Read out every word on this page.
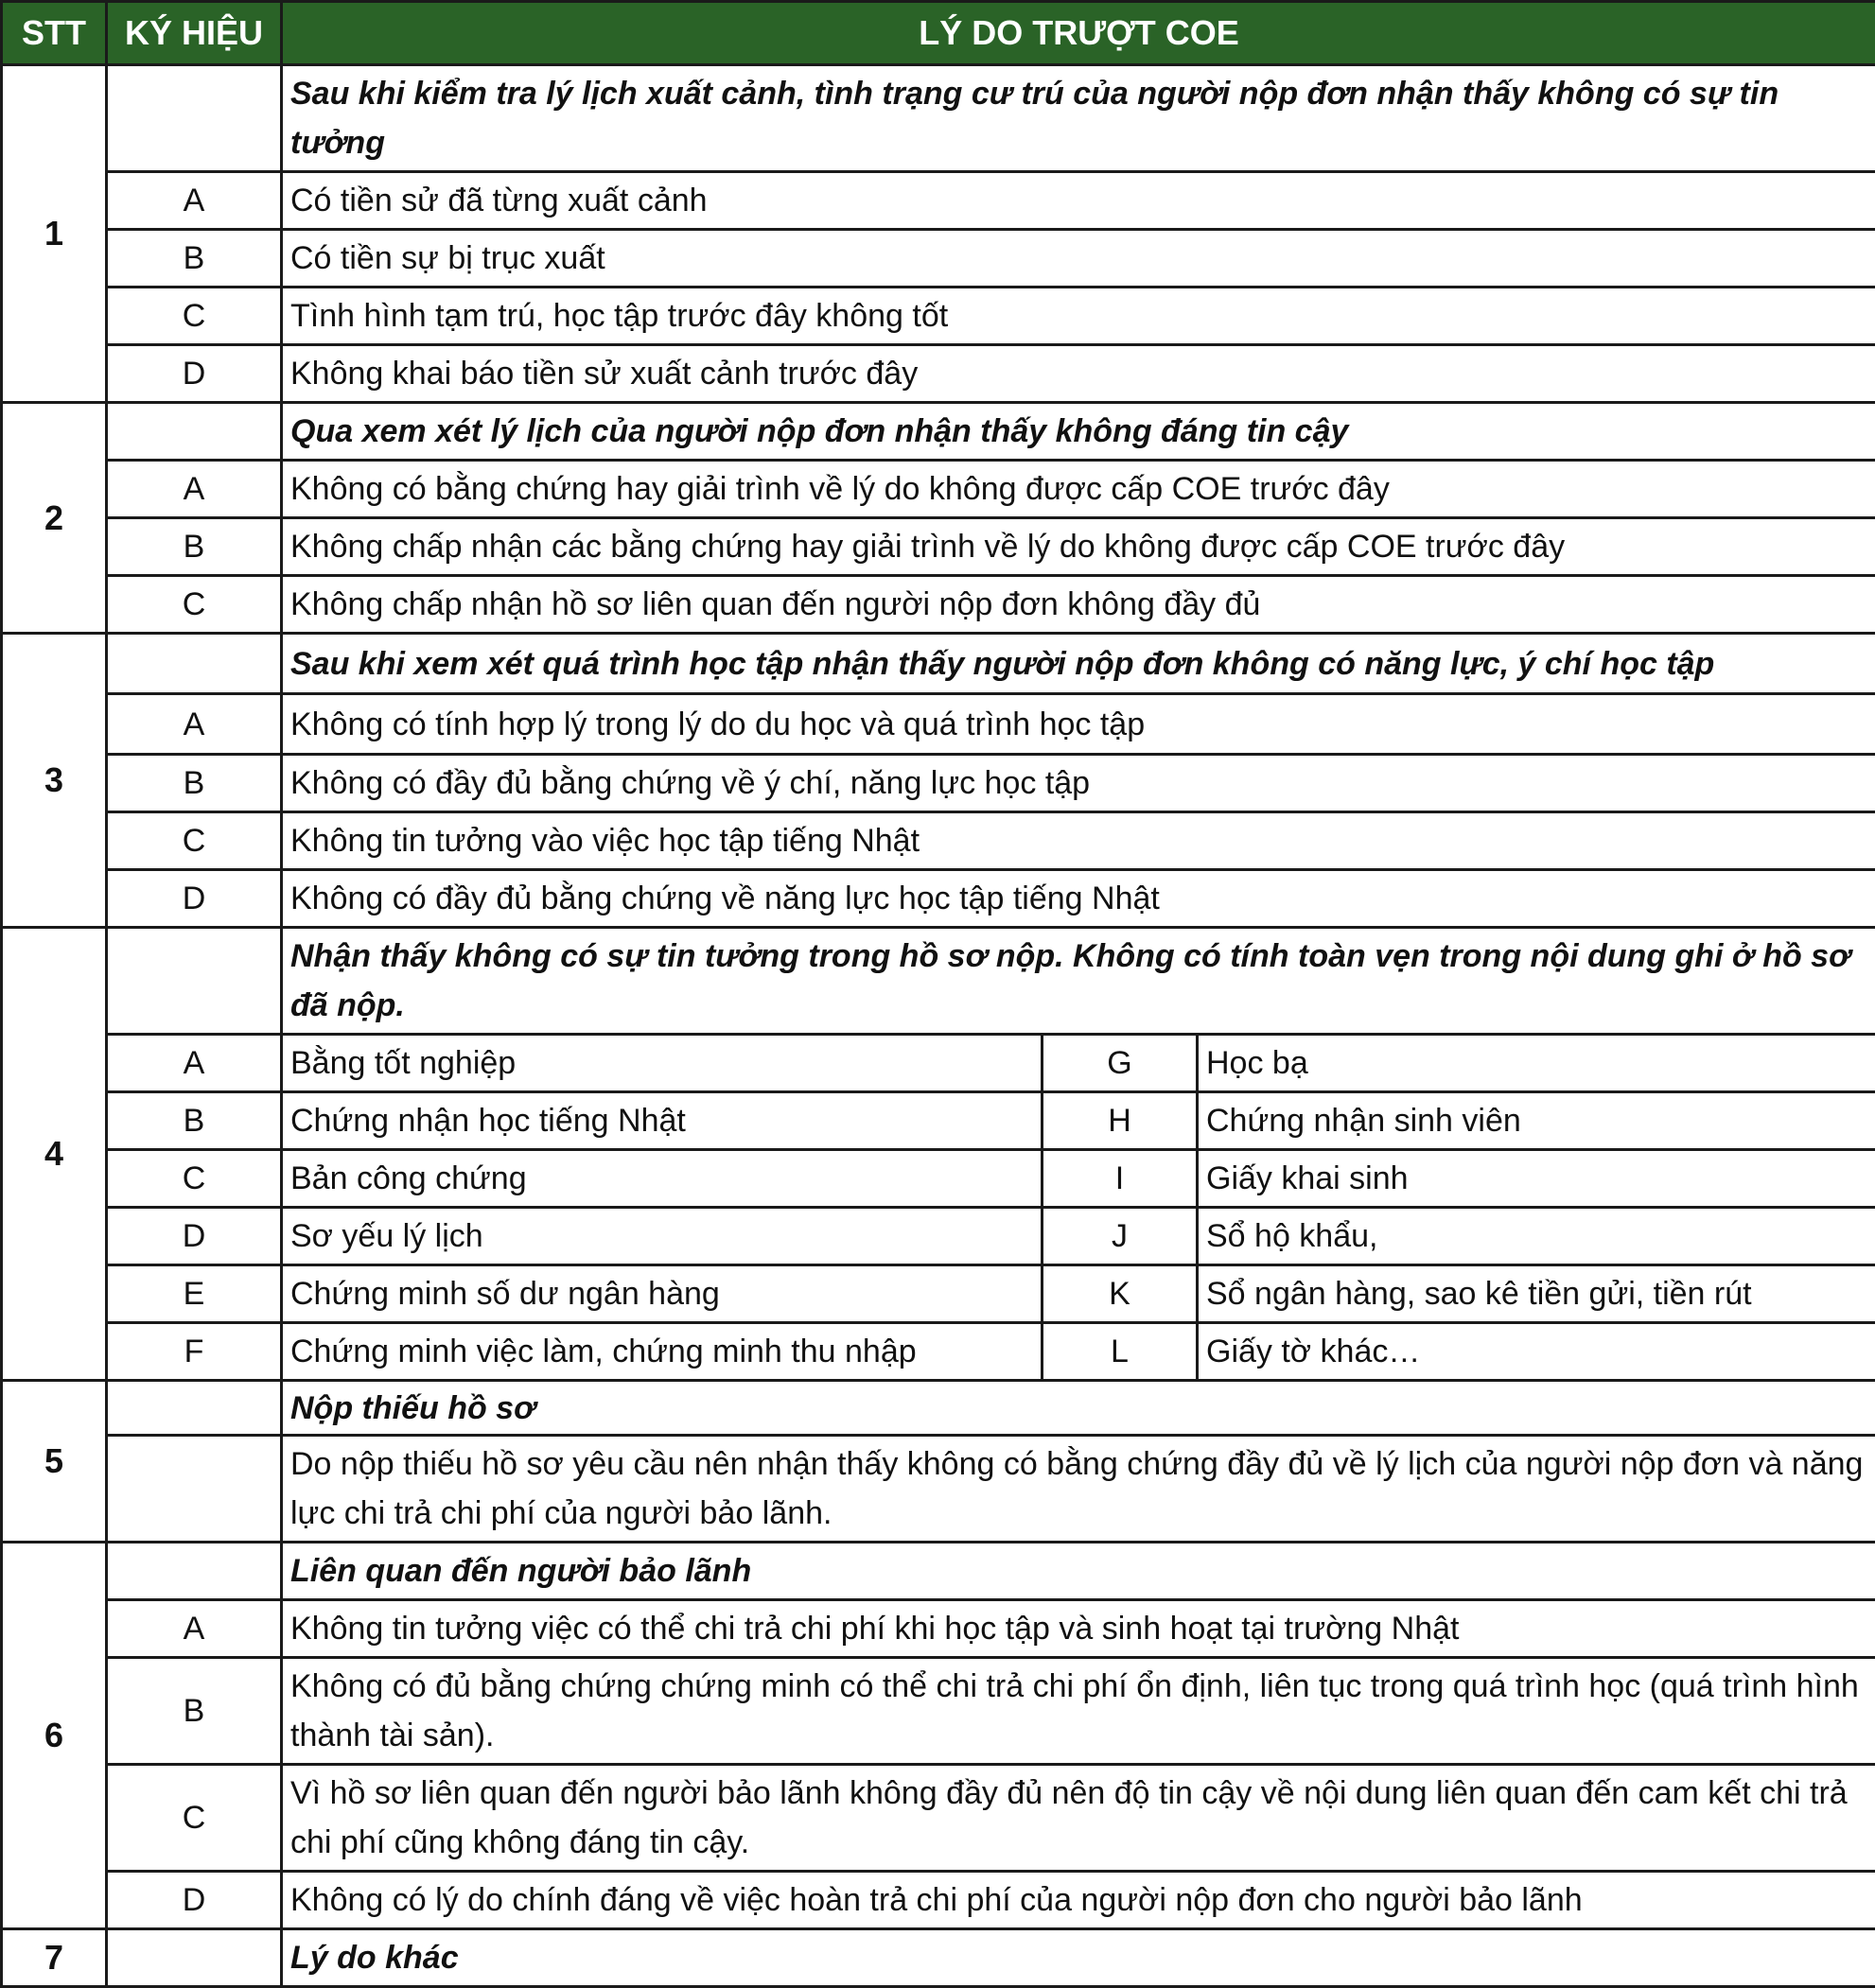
STT	KÝ HIỆU	LÝ DO TRƯỢT COE		
1		Sau khi kiểm tra lý lịch xuất cảnh, tình trạng cư trú của người nộp đơn nhận thấy không có sự tin tưởng		
	A	Có tiền sử đã từng xuất cảnh		
	B	Có tiền sự bị trục xuất		
	C	Tình hình tạm trú, học tập trước đây không tốt		
	D	Không khai báo tiền sử xuất cảnh trước đây		
2		Qua xem xét lý lịch của người nộp đơn nhận thấy không đáng tin cậy		
	A	Không có bằng chứng hay giải trình về lý do không được cấp COE trước đây		
	B	Không chấp nhận các bằng chứng hay giải trình về lý do không được cấp COE trước đây		
	C	Không chấp nhận hồ sơ liên quan đến người nộp đơn không đầy đủ		
3		Sau khi xem xét quá trình học tập nhận thấy người nộp đơn không có năng lực, ý chí học tập		
	A	Không có tính hợp lý trong lý do du học và quá trình học tập		
	B	Không có đầy đủ bằng chứng về ý chí, năng lực học tập		
	C	Không tin tưởng vào việc học tập tiếng Nhật		
	D	Không có đầy đủ bằng chứng về năng lực học tập tiếng Nhật		
4		Nhận thấy không có sự tin tưởng trong hồ sơ nộp. Không có tính toàn vẹn trong nội dung ghi ở hồ sơ đã nộp.		
	A	Bằng tốt nghiệp	G	Học bạ
	B	Chứng nhận học tiếng Nhật	H	Chứng nhận sinh viên
	C	Bản công chứng	I	Giấy khai sinh
	D	Sơ yếu lý lịch	J	Sổ hộ khẩu,
	E	Chứng minh số dư ngân hàng	K	Sổ ngân hàng, sao kê tiền gửi, tiền rút
	F	Chứng minh việc làm, chứng minh thu nhập	L	Giấy tờ khác…
5		Nộp thiếu hồ sơ		
		Do nộp thiếu hồ sơ yêu cầu nên nhận thấy không có bằng chứng đầy đủ về lý lịch của người nộp đơn và năng lực chi trả chi phí của người bảo lãnh.		
6		Liên quan đến người bảo lãnh		
	A	Không tin tưởng việc có thể chi trả chi phí khi học tập và sinh hoạt tại trường Nhật		
	B	Không có đủ bằng chứng chứng minh có thể chi trả chi phí ổn định, liên tục trong quá trình học (quá trình hình thành tài sản).		
	C	Vì hồ sơ liên quan đến người bảo lãnh không đầy đủ nên độ tin cậy về nội dung liên quan đến cam kết chi trả chi phí cũng không đáng tin cậy.		
	D	Không có lý do chính đáng về việc hoàn trả chi phí của người nộp đơn cho người bảo lãnh		
7		Lý do khác		
